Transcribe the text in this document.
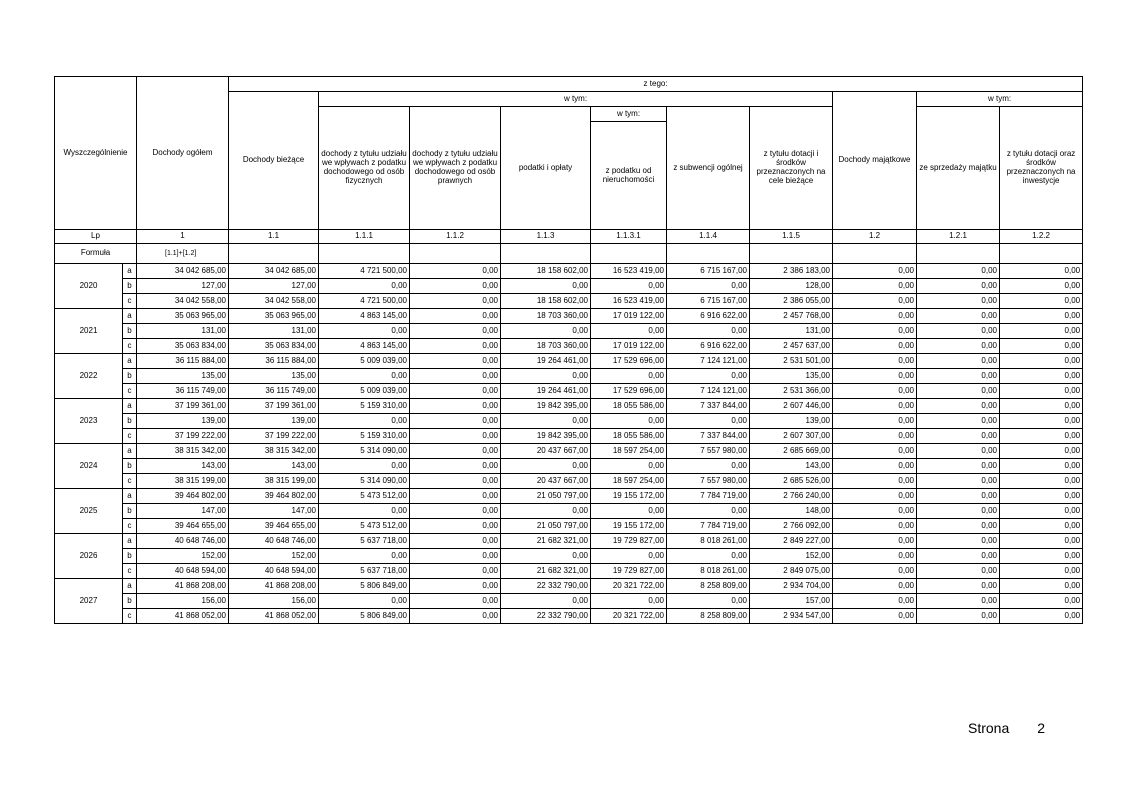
Wyszczególnienie		Dochody ogółem	z tego:									
			Dochody bieżące	w tym:						Dochody majątkowe	w tym:	
				dochody z tytułu udziału we wpływach z podatku dochodowego od osób fizycznych	dochody z tytułu udziału we wpływach z podatku dochodowego od osób prawnych	podatki i opłaty	w tym:	z subwencji ogólnej	z tytułu dotacji i środków przeznaczonych na cele bieżące		ze sprzedaży majątku	z tytułu dotacji oraz środków przeznaczonych na inwestycje
							z podatku od nieruchomości					

Lp		1	1.1	1.1.1	1.1.2	1.1.3	1.1.3.1	1.1.4	1.1.5	1.2	1.2.1	1.2.2
Formuła		[1.1]+[1.2]										
2020	a	34 042 685,00	34 042 685,00	4 721 500,00	0,00	18 158 602,00	16 523 419,00	6 715 167,00	2 386 183,00	0,00	0,00	0,00
	b	127,00	127,00	0,00	0,00	0,00	0,00	0,00	128,00	0,00	0,00	0,00
	c	34 042 558,00	34 042 558,00	4 721 500,00	0,00	18 158 602,00	16 523 419,00	6 715 167,00	2 386 055,00	0,00	0,00	0,00
2021	a	35 063 965,00	35 063 965,00	4 863 145,00	0,00	18 703 360,00	17 019 122,00	6 916 622,00	2 457 768,00	0,00	0,00	0,00
	b	131,00	131,00	0,00	0,00	0,00	0,00	0,00	131,00	0,00	0,00	0,00
	c	35 063 834,00	35 063 834,00	4 863 145,00	0,00	18 703 360,00	17 019 122,00	6 916 622,00	2 457 637,00	0,00	0,00	0,00
2022	a	36 115 884,00	36 115 884,00	5 009 039,00	0,00	19 264 461,00	17 529 696,00	7 124 121,00	2 531 501,00	0,00	0,00	0,00
	b	135,00	135,00	0,00	0,00	0,00	0,00	0,00	135,00	0,00	0,00	0,00
	c	36 115 749,00	36 115 749,00	5 009 039,00	0,00	19 264 461,00	17 529 696,00	7 124 121,00	2 531 366,00	0,00	0,00	0,00
2023	a	37 199 361,00	37 199 361,00	5 159 310,00	0,00	19 842 395,00	18 055 586,00	7 337 844,00	2 607 446,00	0,00	0,00	0,00
	b	139,00	139,00	0,00	0,00	0,00	0,00	0,00	139,00	0,00	0,00	0,00
	c	37 199 222,00	37 199 222,00	5 159 310,00	0,00	19 842 395,00	18 055 586,00	7 337 844,00	2 607 307,00	0,00	0,00	0,00
2024	a	38 315 342,00	38 315 342,00	5 314 090,00	0,00	20 437 667,00	18 597 254,00	7 557 980,00	2 685 669,00	0,00	0,00	0,00
	b	143,00	143,00	0,00	0,00	0,00	0,00	0,00	143,00	0,00	0,00	0,00
	c	38 315 199,00	38 315 199,00	5 314 090,00	0,00	20 437 667,00	18 597 254,00	7 557 980,00	2 685 526,00	0,00	0,00	0,00
2025	a	39 464 802,00	39 464 802,00	5 473 512,00	0,00	21 050 797,00	19 155 172,00	7 784 719,00	2 766 240,00	0,00	0,00	0,00
	b	147,00	147,00	0,00	0,00	0,00	0,00	0,00	148,00	0,00	0,00	0,00
	c	39 464 655,00	39 464 655,00	5 473 512,00	0,00	21 050 797,00	19 155 172,00	7 784 719,00	2 766 092,00	0,00	0,00	0,00
2026	a	40 648 746,00	40 648 746,00	5 637 718,00	0,00	21 682 321,00	19 729 827,00	8 018 261,00	2 849 227,00	0,00	0,00	0,00
	b	152,00	152,00	0,00	0,00	0,00	0,00	0,00	152,00	0,00	0,00	0,00
	c	40 648 594,00	40 648 594,00	5 637 718,00	0,00	21 682 321,00	19 729 827,00	8 018 261,00	2 849 075,00	0,00	0,00	0,00
2027	a	41 868 208,00	41 868 208,00	5 806 849,00	0,00	22 332 790,00	20 321 722,00	8 258 809,00	2 934 704,00	0,00	0,00	0,00
	b	156,00	156,00	0,00	0,00	0,00	0,00	0,00	157,00	0,00	0,00	0,00
	c	41 868 052,00	41 868 052,00	5 806 849,00	0,00	22 332 790,00	20 321 722,00	8 258 809,00	2 934 547,00	0,00	0,00	0,00
Strona 2
